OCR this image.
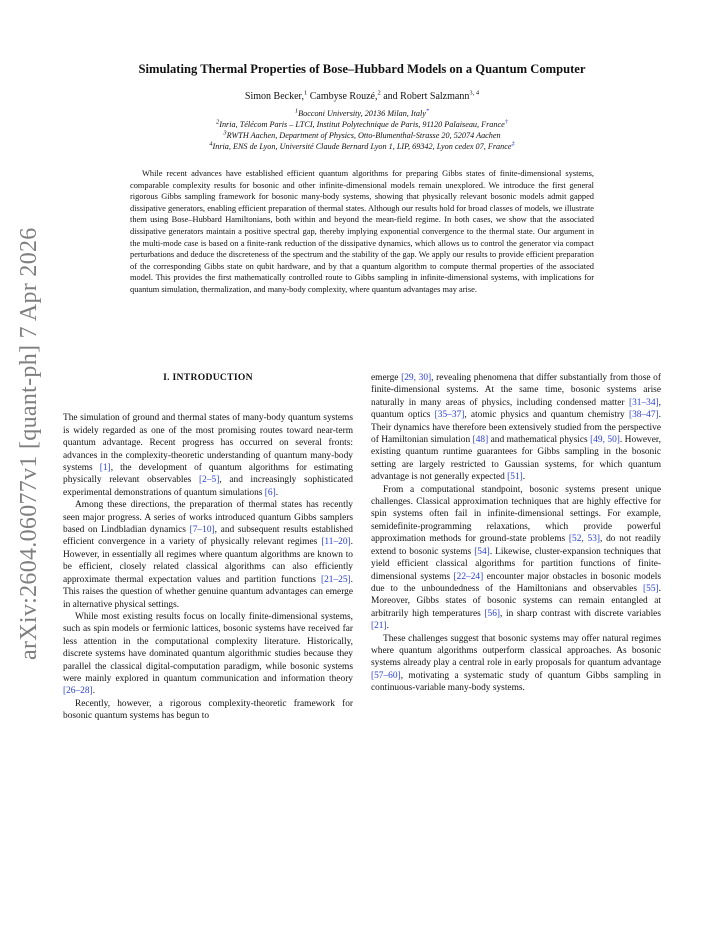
arXiv:2604.06077v1 [quant-ph] 7 Apr 2026
Simulating Thermal Properties of Bose–Hubbard Models on a Quantum Computer
Simon Becker,$^1$ Cambyse Rouzé,$^2$ and Robert Salzmann$^{3, 4}$
$^1$Bocconi University, 20136 Milan, Italy*
$^2$Inria, Télécom Paris – LTCI, Institut Polytechnique de Paris, 91120 Palaiseau, France†
$^3$RWTH Aachen, Department of Physics, Otto-Blumenthal-Strasse 20, 52074 Aachen
$^4$Inria, ENS de Lyon, Université Claude Bernard Lyon 1, LIP, 69342, Lyon cedex 07, France‡
While recent advances have established efficient quantum algorithms for preparing Gibbs states of finite-dimensional systems, comparable complexity results for bosonic and other infinite-dimensional models remain unexplored. We introduce the first general rigorous Gibbs sampling framework for bosonic many-body systems, showing that physically relevant bosonic models admit gapped dissipative generators, enabling efficient preparation of thermal states. Although our results hold for broad classes of models, we illustrate them using Bose–Hubbard Hamiltonians, both within and beyond the mean-field regime. In both cases, we show that the associated dissipative generators maintain a positive spectral gap, thereby implying exponential convergence to the thermal state. Our argument in the multi-mode case is based on a finite-rank reduction of the dissipative dynamics, which allows us to control the generator via compact perturbations and deduce the discreteness of the spectrum and the stability of the gap. We apply our results to provide efficient preparation of the corresponding Gibbs state on qubit hardware, and by that a quantum algorithm to compute thermal properties of the associated model. This provides the first mathematically controlled route to Gibbs sampling in infinite-dimensional systems, with implications for quantum simulation, thermalization, and many-body complexity, where quantum advantages may arise.
I. INTRODUCTION

The simulation of ground and thermal states of many-body quantum systems is widely regarded as one of the most promising routes toward near-term quantum advantage. Recent progress has occurred on several fronts: advances in the complexity-theoretic understanding of quantum many-body systems [1], the development of quantum algorithms for estimating physically relevant observables [2–5], and increasingly sophisticated experimental demonstrations of quantum simulations [6].

Among these directions, the preparation of thermal states has recently seen major progress. A series of works introduced quantum Gibbs samplers based on Lindbladian dynamics [7–10], and subsequent results established efficient convergence in a variety of physically relevant regimes [11–20]. However, in essentially all regimes where quantum algorithms are known to be efficient, closely related classical algorithms can also efficiently approximate thermal expectation values and partition functions [21–25]. This raises the question of whether genuine quantum advantages can emerge in alternative physical settings.

While most existing results focus on locally finite-dimensional systems, such as spin models or fermionic lattices, bosonic systems have received far less attention in the computational complexity literature. Historically, discrete systems have dominated quantum algorithmic studies because they parallel the classical digital-computation paradigm, while bosonic systems were mainly explored in quantum communication and information theory [26–28].

Recently, however, a rigorous complexity-theoretic framework for bosonic quantum systems has begun to

emerge [29, 30], revealing phenomena that differ substantially from those of finite-dimensional systems. At the same time, bosonic systems arise naturally in many areas of physics, including condensed matter [31–34], quantum optics [35–37], atomic physics and quantum chemistry [38–47]. Their dynamics have therefore been extensively studied from the perspective of Hamiltonian simulation [48] and mathematical physics [49, 50]. However, existing quantum runtime guarantees for Gibbs sampling in the bosonic setting are largely restricted to Gaussian systems, for which quantum advantage is not generally expected [51].

From a computational standpoint, bosonic systems present unique challenges. Classical approximation techniques that are highly effective for spin systems often fail in infinite-dimensional settings. For example, semidefinite-programming relaxations, which provide powerful approximation methods for ground-state problems [52, 53], do not readily extend to bosonic systems [54]. Likewise, cluster-expansion techniques that yield efficient classical algorithms for partition functions of finite-dimensional systems [22–24] encounter major obstacles in bosonic models due to the unboundedness of the Hamiltonians and observables [55]. Moreover, Gibbs states of bosonic systems can remain entangled at arbitrarily high temperatures [56], in sharp contrast with discrete variables [21].

These challenges suggest that bosonic systems may offer natural regimes where quantum algorithms outperform classical approaches. As bosonic systems already play a central role in early proposals for quantum advantage [57–60], motivating a systematic study of quantum Gibbs sampling in continuous-variable many-body systems.
